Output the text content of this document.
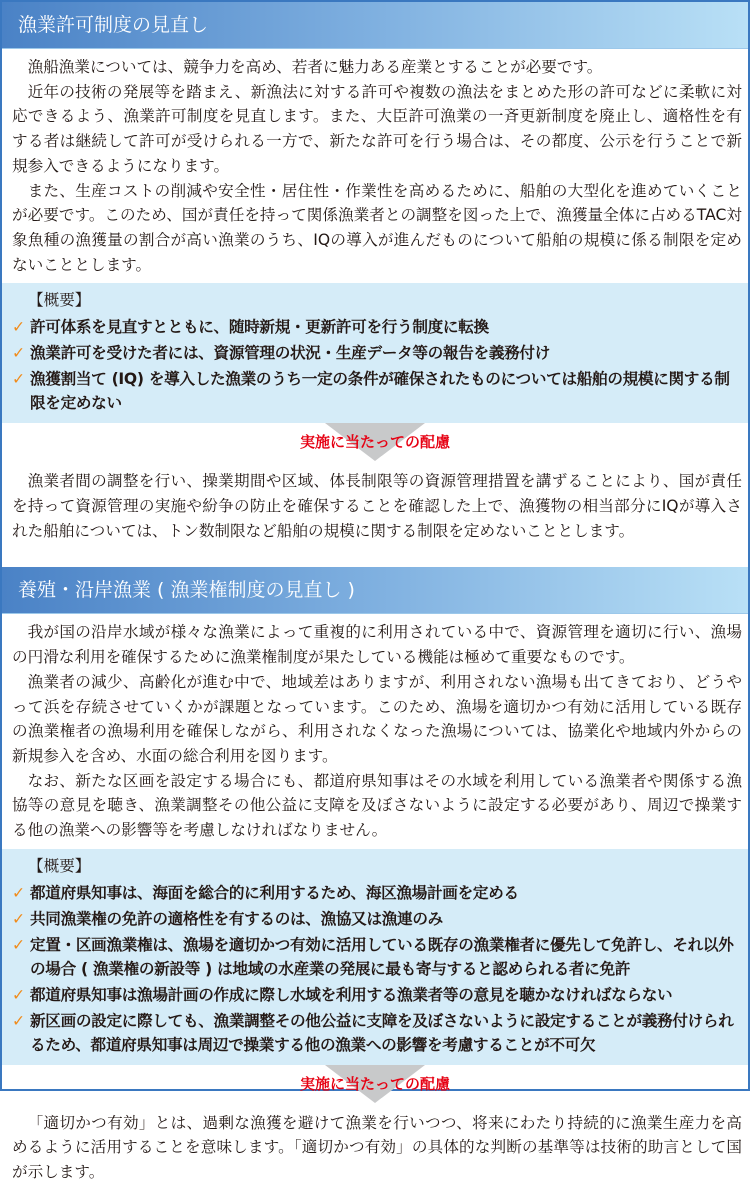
漁業許可制度の見直し

漁船漁業については、競争力を高め、若者に魅力ある産業とすることが必要です。

近年の技術の発展等を踏まえ、新漁法に対する許可や複数の漁法をまとめた形の許可などに柔軟に対応できるよう、漁業許可制度を見直します。また、大臣許可漁業の一斉更新制度を廃止し、適格性を有する者は継続して許可が受けられる一方で、新たな許可を行う場合は、その都度、公示を行うことで新規参入できるようになります。

また、生産コストの削減や安全性・居住性・作業性を高めるために、船舶の大型化を進めていくことが必要です。このため、国が責任を持って関係漁業者との調整を図った上で、漁獲量全体に占めるTAC対象魚種の漁獲量の割合が高い漁業のうち、IQの導入が進んだものについて船舶の規模に係る制限を定めないこととします。

【概要】
✓ 許可体系を見直すとともに、随時新規・更新許可を行う制度に転換
✓ 漁業許可を受けた者には、資源管理の状況・生産データ等の報告を義務付け
✓ 漁獲割当て (IQ) を導入した漁業のうち一定の条件が確保されたものについては船舶の規模に関する制限を定めない
実施に当たっての配慮

漁業者間の調整を行い、操業期間や区域、体長制限等の資源管理措置を講ずることにより、国が責任を持って資源管理の実施や紛争の防止を確保することを確認した上で、漁獲物の相当部分にIQが導入された船舶については、トン数制限など船舶の規模に関する制限を定めないこととします。

養殖・沿岸漁業 ( 漁業権制度の見直し )

我が国の沿岸水域が様々な漁業によって重複的に利用されている中で、資源管理を適切に行い、漁場の円滑な利用を確保するために漁業権制度が果たしている機能は極めて重要なものです。

漁業者の減少、高齢化が進む中で、地域差はありますが、利用されない漁場も出てきており、どうやって浜を存続させていくかが課題となっています。このため、漁場を適切かつ有効に活用している既存の漁業権者の漁場利用を確保しながら、利用されなくなった漁場については、協業化や地域内外からの新規参入を含め、水面の総合利用を図ります。

なお、新たな区画を設定する場合にも、都道府県知事はその水域を利用している漁業者や関係する漁協等の意見を聴き、漁業調整その他公益に支障を及ぼさないように設定する必要があり、周辺で操業する他の漁業への影響等を考慮しなければなりません。

【概要】
✓ 都道府県知事は、海面を総合的に利用するため、海区漁場計画を定める
✓ 共同漁業権の免許の適格性を有するのは、漁協又は漁連のみ
✓ 定置・区画漁業権は、漁場を適切かつ有効に活用している既存の漁業権者に優先して免許し、それ以外の場合 ( 漁業権の新設等 ) は地域の水産業の発展に最も寄与すると認められる者に免許
✓ 都道府県知事は漁場計画の作成に際し水域を利用する漁業者等の意見を聴かなければならない
✓ 新区画の設定に際しても、漁業調整その他公益に支障を及ぼさないように設定することが義務付けられるため、都道府県知事は周辺で操業する他の漁業への影響を考慮することが不可欠
実施に当たっての配慮

「適切かつ有効」とは、過剰な漁獲を避けて漁業を行いつつ、将来にわたり持続的に漁業生産力を高めるように活用することを意味します。「適切かつ有効」の具体的な判断の基準等は技術的助言として国が示します。
